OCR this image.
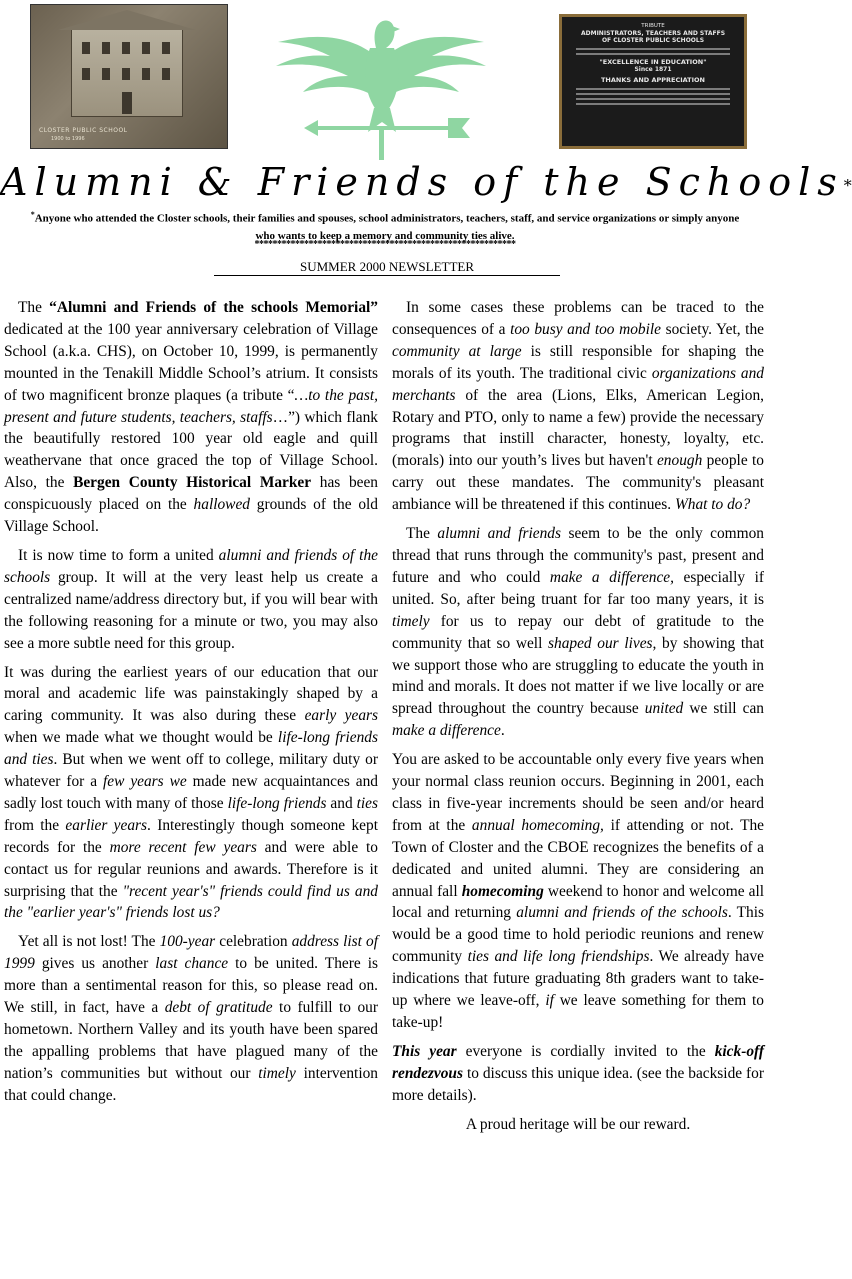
CLOSTER PUBLIC SCHOOL
1900 to 1996
TRIBUTE
ADMINISTRATORS, TEACHERS AND STAFFS
OF CLOSTER PUBLIC SCHOOLS
"EXCELLENCE IN EDUCATION"
Since 1871
THANKS AND APPRECIATION
Alumni & Friends of the Schools*
*Anyone who attended the Closter schools, their families and spouses, school administrators, teachers, staff, and service organizations or simply anyone who wants to keep a memory and community ties alive.
**********************************************************
SUMMER 2000 NEWSLETTER

The “Alumni and Friends of the schools Memorial” dedicated at the 100 year anniversary celebration of Village School (a.k.a. CHS), on October 10, 1999, is permanently mounted in the Tenakill Middle School’s atrium. It consists of two magnificent bronze plaques (a tribute “…to the past, present and future students, teachers, staffs…”) which flank the beautifully restored 100 year old eagle and quill weathervane that once graced the top of Village School. Also, the Bergen County Historical Marker has been conspicuously placed on the hallowed grounds of the old Village School.

It is now time to form a united alumni and friends of the schools group. It will at the very least help us create a centralized name/address directory but, if you will bear with the following reasoning for a minute or two, you may also see a more subtle need for this group.

It was during the earliest years of our education that our moral and academic life was painstakingly shaped by a caring community. It was also during these early years when we made what we thought would be life-long friends and ties. But when we went off to college, military duty or whatever for a few years we made new acquaintances and sadly lost touch with many of those life-long friends and ties from the earlier years. Interestingly though someone kept records for the more recent few years and were able to contact us for regular reunions and awards. Therefore is it surprising that the "recent year's" friends could find us and the "earlier year's" friends lost us?

Yet all is not lost! The 100-year celebration address list of 1999 gives us another last chance to be united. There is more than a sentimental reason for this, so please read on. We still, in fact, have a debt of gratitude to fulfill to our hometown. Northern Valley and its youth have been spared the appalling problems that have plagued many of the nation’s communities but without our timely intervention that could change.

In some cases these problems can be traced to the consequences of a too busy and too mobile society. Yet, the community at large is still responsible for shaping the morals of its youth. The traditional civic organizations and merchants of the area (Lions, Elks, American Legion, Rotary and PTO, only to name a few) provide the necessary programs that instill character, honesty, loyalty, etc. (morals) into our youth’s lives but haven't enough people to carry out these mandates. The community's pleasant ambiance will be threatened if this continues. What to do?

The alumni and friends seem to be the only common thread that runs through the community's past, present and future and who could make a difference, especially if united. So, after being truant for far too many years, it is timely for us to repay our debt of gratitude to the community that so well shaped our lives, by showing that we support those who are struggling to educate the youth in mind and morals. It does not matter if we live locally or are spread throughout the country because united we still can make a difference.

You are asked to be accountable only every five years when your normal class reunion occurs. Beginning in 2001, each class in five-year increments should be seen and/or heard from at the annual homecoming, if attending or not. The Town of Closter and the CBOE recognizes the benefits of a dedicated and united alumni. They are considering an annual fall homecoming weekend to honor and welcome all local and returning alumni and friends of the schools. This would be a good time to hold periodic reunions and renew community ties and life long friendships. We already have indications that future graduating 8th graders want to take-up where we leave-off, if we leave something for them to take-up!

This year everyone is cordially invited to the kick-off rendezvous to discuss this unique idea. (see the backside for more details).

A proud heritage will be our reward.
